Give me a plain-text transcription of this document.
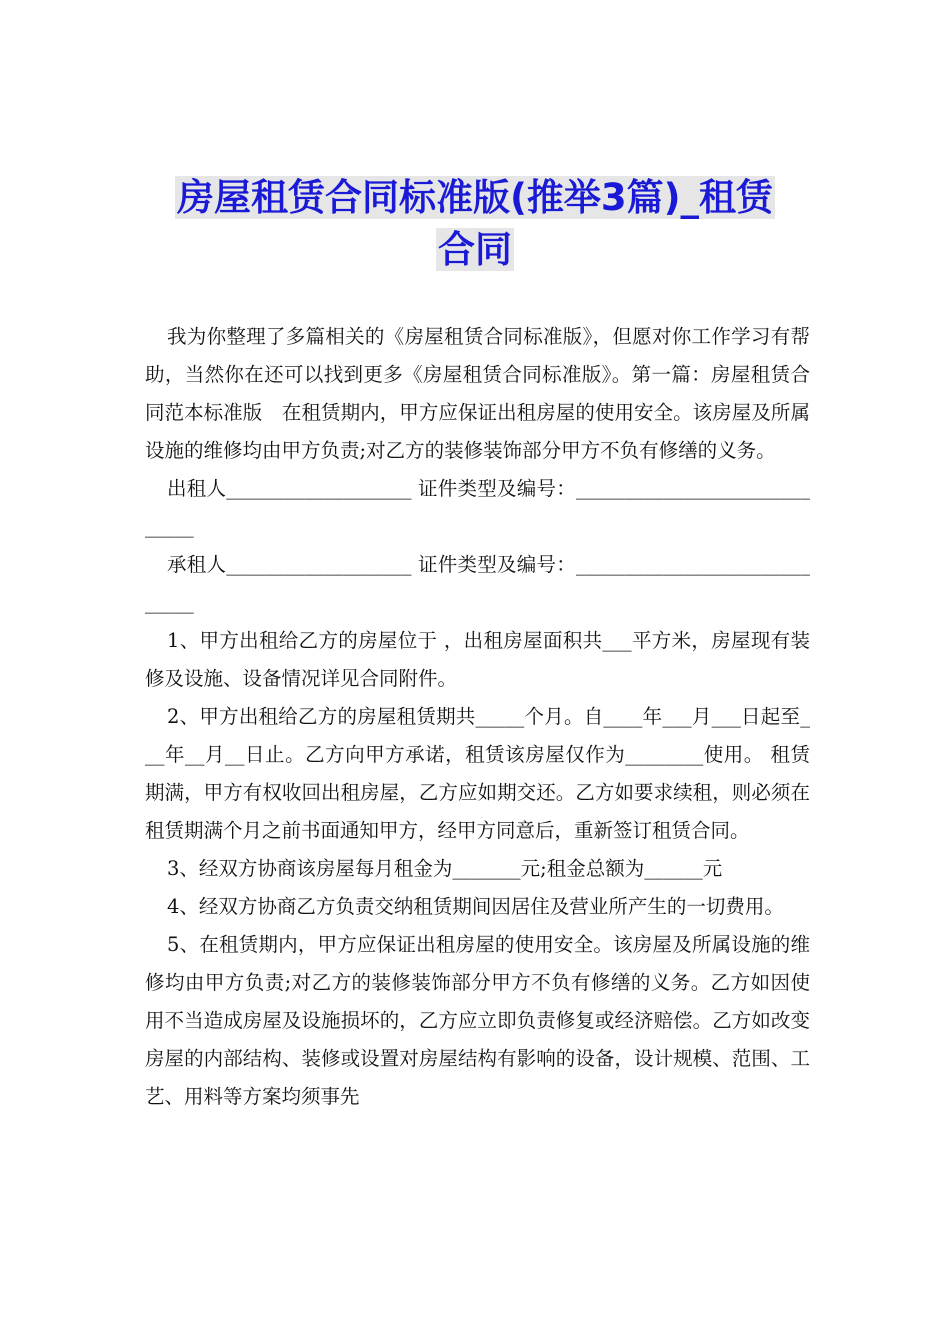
房屋租赁合同标准版(推举3篇)_租赁
合同

我为你整理了多篇相关的《房屋租赁合同标准版》，但愿对你工作学习有帮助，当然你在还可以找到更多《房屋租赁合同标准版》。第一篇：房屋租赁合同范本标准版　在租赁期内，甲方应保证出租房屋的使用安全。该房屋及所属设施的维修均由甲方负责;对乙方的装修装饰部分甲方不负有修缮的义务。

出租人___________________ 证件类型及编号：_____________________________

承租人___________________ 证件类型及编号：_____________________________

1、甲方出租给乙方的房屋位于 ，出租房屋面积共___平方米，房屋现有装修及设施、设备情况详见合同附件。

2、甲方出租给乙方的房屋租赁期共_____个月。自____年___月___日起至___年__月__日止。乙方向甲方承诺，租赁该房屋仅作为________使用。 租赁期满，甲方有权收回出租房屋，乙方应如期交还。乙方如要求续租，则必须在租赁期满个月之前书面通知甲方，经甲方同意后，重新签订租赁合同。

3、经双方协商该房屋每月租金为_______元;租金总额为______元

4、经双方协商乙方负责交纳租赁期间因居住及营业所产生的一切费用。

5、在租赁期内，甲方应保证出租房屋的使用安全。该房屋及所属设施的维修均由甲方负责;对乙方的装修装饰部分甲方不负有修缮的义务。乙方如因使用不当造成房屋及设施损坏的，乙方应立即负责修复或经济赔偿。乙方如改变房屋的内部结构、装修或设置对房屋结构有影响的设备，设计规模、范围、工艺、用料等方案均须事先
